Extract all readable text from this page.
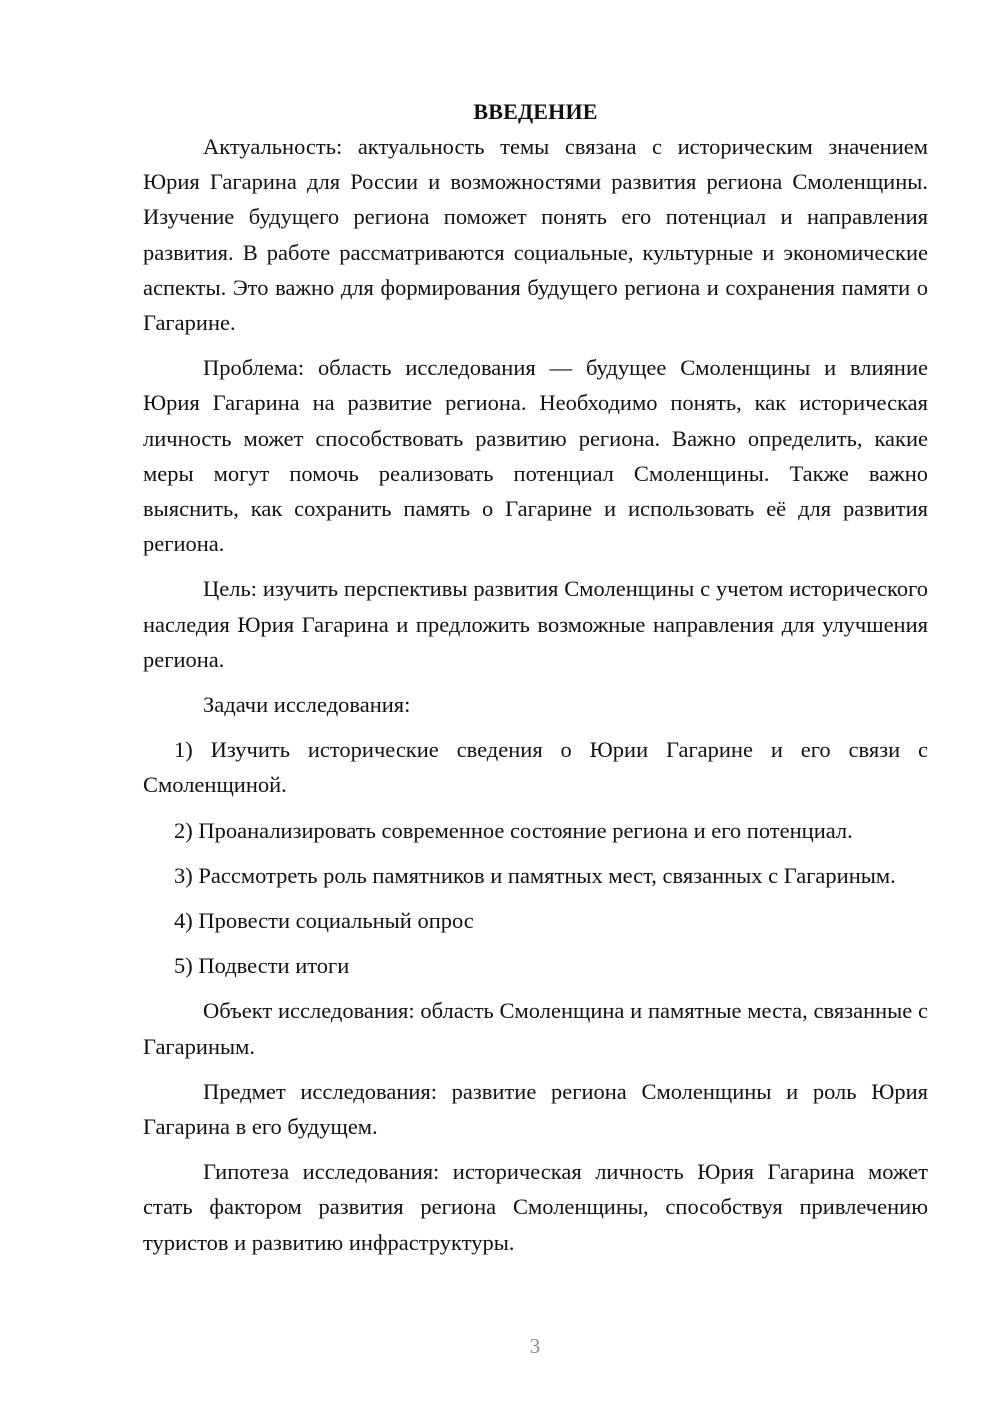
ВВЕДЕНИЕ

Актуальность: актуальность темы связана с историческим значением Юрия Гагарина для России и возможностями развития региона Смоленщины. Изучение будущего региона поможет понять его потенциал и направления развития. В работе рассматриваются социальные, культурные и экономические аспекты. Это важно для формирования будущего региона и сохранения памяти о Гагарине.

Проблема: область исследования — будущее Смоленщины и влияние Юрия Гагарина на развитие региона. Необходимо понять, как историческая личность может способствовать развитию региона. Важно определить, какие меры могут помочь реализовать потенциал Смоленщины. Также важно выяснить, как сохранить память о Гагарине и использовать её для развития региона.

Цель: изучить перспективы развития Смоленщины с учетом исторического наследия Юрия Гагарина и предложить возможные направления для улучшения региона.

Задачи исследования:

1) Изучить исторические сведения о Юрии Гагарине и его связи с Смоленщиной.

2) Проанализировать современное состояние региона и его потенциал.

3) Рассмотреть роль памятников и памятных мест, связанных с Гагариным.

4) Провести социальный опрос

5) Подвести итоги

Объект исследования: область Смоленщина и памятные места, связанные с Гагариным.

Предмет исследования: развитие региона Смоленщины и роль Юрия Гагарина в его будущем.

Гипотеза исследования: историческая личность Юрия Гагарина может стать фактором развития региона Смоленщины, способствуя привлечению туристов и развитию инфраструктуры.

3
